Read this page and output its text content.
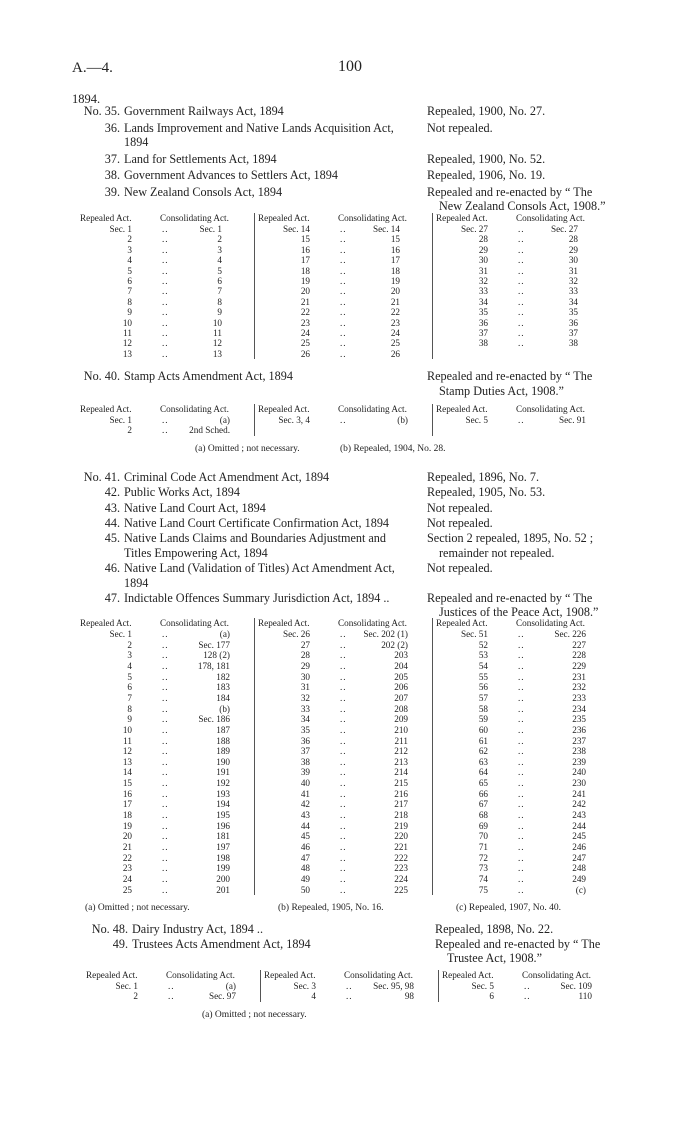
A.—4.	100
1894.
No. 35. Government Railways Act, 1894	Repealed, 1900, No. 27.
36. Lands Improvement and Native Lands Acquisition Act,
1894
Not repealed.
37. Land for Settlements Act, 1894	Repealed, 1900, No. 52.
38. Government Advances to Settlers Act, 1894	Repealed, 1906, No. 19.
39. New Zealand Consols Act, 1894	Repealed and re-enacted by “ The
New Zealand Consols Act, 1908.”
Repealed Act.	Consolidating Act.
Sec. 1	..	Sec. 1
2	..	2
3	..	3
4	..	4
5	..	5
6	..	6
7	..	7
8	..	8
9	..	9
10	..	10
11	..	11
12	..	12
13	..	13
Repealed Act.	Consolidating Act.
Sec. 14	..	Sec. 14
15	..	15
16	..	16
17	..	17
18	..	18
19	..	19
20	..	20
21	..	21
22	..	22
23	..	23
24	..	24
25	..	25
26	..	26
Repealed Act.	Consolidating Act.
Sec. 27	..	Sec. 27
28	..	28
29	..	29
30	..	30
31	..	31
32	..	32
33	..	33
34	..	34
35	..	35
36	..	36
37	..	37
38	..	38
No. 40. Stamp Acts Amendment Act, 1894	Repealed and re-enacted by “ The
Stamp Duties Act, 1908.”
Repealed Act.	Consolidating Act.
Sec. 1	..	(a)
2	..	2nd Sched.
Repealed Act.	Consolidating Act.
Sec. 3, 4	..	(b)
Repealed Act.	Consolidating Act.
Sec. 5	..	Sec. 91
(a) Omitted ; not necessary.	(b) Repealed, 1904, No. 28.
No. 41. Criminal Code Act Amendment Act, 1894	Repealed, 1896, No. 7.
42. Public Works Act, 1894	Repealed, 1905, No. 53.
43. Native Land Court Act, 1894	Not repealed.
44. Native Land Court Certificate Confirmation Act, 1894	Not repealed.
45. Native Lands Claims and Boundaries Adjustment and
Titles Empowering Act, 1894
Section 2 repealed, 1895, No. 52 ;
remainder not repealed.
46. Native Land (Validation of Titles) Act Amendment Act,
1894
Not repealed.
47. Indictable Offences Summary Jurisdiction Act, 1894 ..	Repealed and re-enacted by “ The
Justices of the Peace Act, 1908.”
Repealed Act.	Consolidating Act.
Sec. 1	..	(a)
2	..	Sec. 177
3	..	128 (2)
4	..	178, 181
5	..	182
6	..	183
7	..	184
8	..	(b)
9	..	Sec. 186
10	..	187
11	..	188
12	..	189
13	..	190
14	..	191
15	..	192
16	..	193
17	..	194
18	..	195
19	..	196
20	..	181
21	..	197
22	..	198
23	..	199
24	..	200
25	..	201
Repealed Act.	Consolidating Act.
Sec. 26	..	Sec. 202 (1)
27	..	202 (2)
28	..	203
29	..	204
30	..	205
31	..	206
32	..	207
33	..	208
34	..	209
35	..	210
36	..	211
37	..	212
38	..	213
39	..	214
40	..	215
41	..	216
42	..	217
43	..	218
44	..	219
45	..	220
46	..	221
47	..	222
48	..	223
49	..	224
50	..	225
Repealed Act.	Consolidating Act.
Sec. 51	..	Sec. 226
52	..	227
53	..	228
54	..	229
55	..	231
56	..	232
57	..	233
58	..	234
59	..	235
60	..	236
61	..	237
62	..	238
63	..	239
64	..	240
65	..	230
66	..	241
67	..	242
68	..	243
69	..	244
70	..	245
71	..	246
72	..	247
73	..	248
74	..	249
75	..	(c)
(a) Omitted ; not necessary.	(b) Repealed, 1905, No. 16.	(c) Repealed, 1907, No. 40.
No. 48. Dairy Industry Act, 1894 ..	Repealed, 1898, No. 22.
49. Trustees Acts Amendment Act, 1894	Repealed and re-enacted by “ The
Trustee Act, 1908.”
Repealed Act.	Consolidating Act.
Sec. 1	..	(a)
2	..	Sec. 97
Repealed Act.	Consolidating Act.
Sec. 3	..	Sec. 95, 98
4	..	98
Repealed Act.	Consolidating Act.
Sec. 5	..	Sec. 109
6	..	110
(a) Omitted ; not necessary.
